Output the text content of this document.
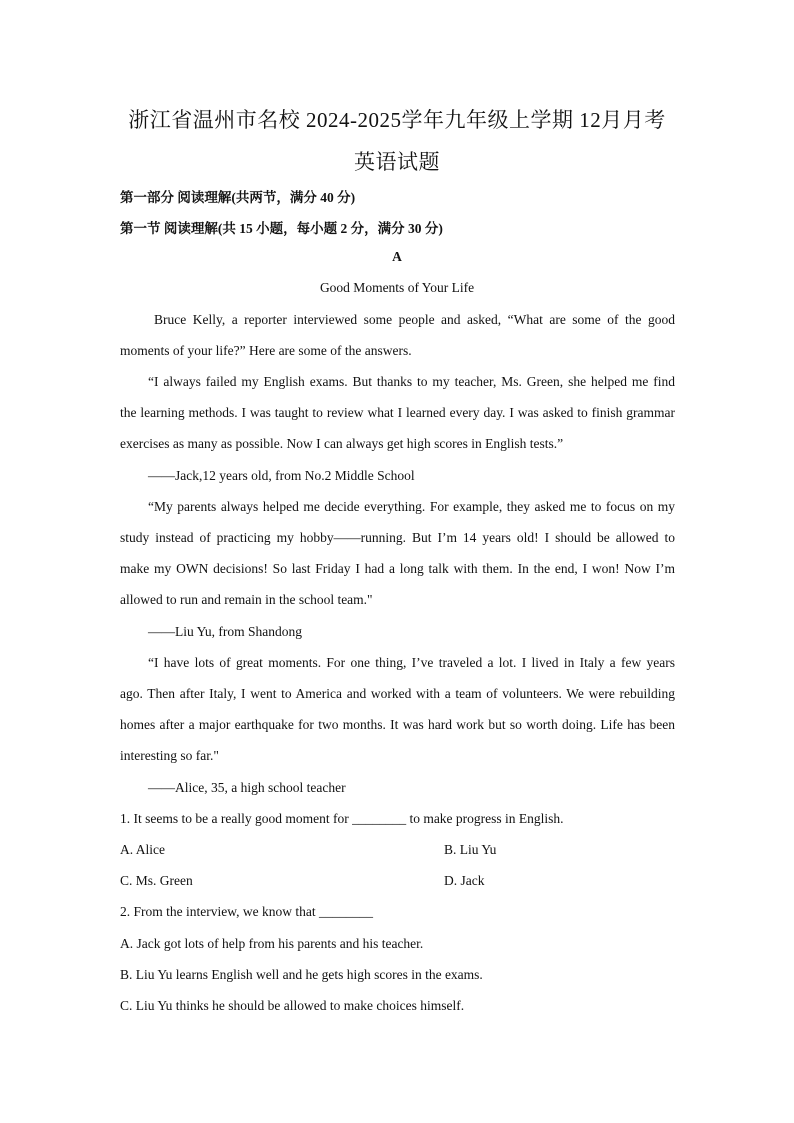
浙江省温州市名校 2024-2025学年九年级上学期 12月月考
英语试题
第一部分 阅读理解(共两节，满分 40 分)
第一节 阅读理解(共 15 小题，每小题 2 分，满分 30 分)
A
Good Moments of Your Life
Bruce Kelly, a reporter interviewed some people and asked, “What are some of the good
moments of your life?” Here are some of the answers.
“I always failed my English exams. But thanks to my teacher, Ms. Green, she helped me find
the learning methods. I was taught to review what I learned every day. I was asked to finish grammar
exercises as many as possible. Now I can always get high scores in English tests.”
——Jack,12 years old, from No.2 Middle School
“My parents always helped me decide everything. For example, they asked me to focus on my
study instead of practicing my hobby——running. But I’m 14 years old! I should be allowed to
make my OWN decisions! So last Friday I had a long talk with them. In the end, I won! Now I’m
allowed to run and remain in the school team."
——Liu Yu, from Shandong
“I have lots of great moments. For one thing, I’ve traveled a lot. I lived in Italy a few years
ago. Then after Italy, I went to America and worked with a team of volunteers. We were rebuilding
homes after a major earthquake for two months. It was hard work but so worth doing. Life has been
interesting so far."
——Alice, 35, a high school teacher
1. It seems to be a really good moment for ________ to make progress in English.
A. Alice	B. Liu Yu
C. Ms. Green	D. Jack
2. From the interview, we know that ________
A. Jack got lots of help from his parents and his teacher.
B. Liu Yu learns English well and he gets high scores in the exams.
C. Liu Yu thinks he should be allowed to make choices himself.
